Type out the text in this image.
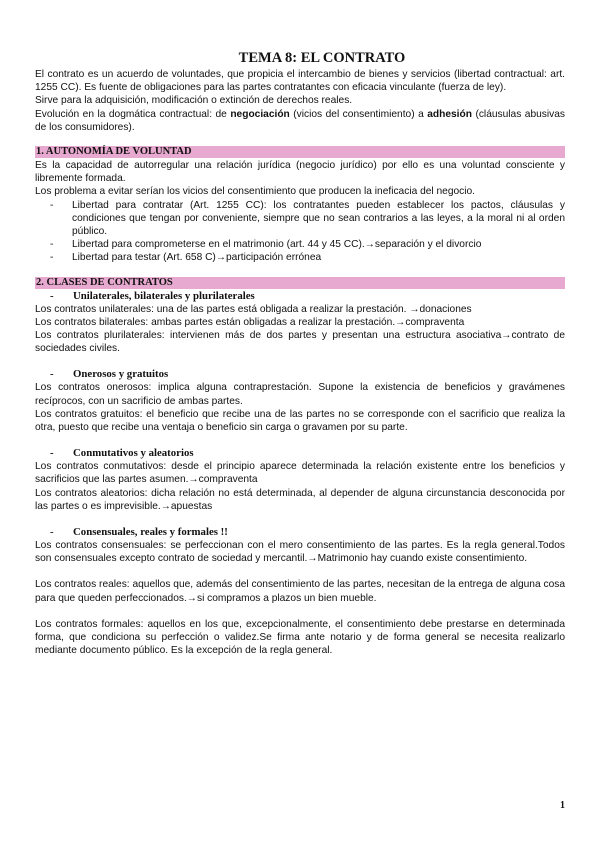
TEMA 8: EL CONTRATO

El contrato es un acuerdo de voluntades, que propicia el intercambio de bienes y servicios (libertad contractual: art. 1255 CC). Es fuente de obligaciones para las partes contratantes con eficacia vinculante (fuerza de ley).

Sirve para la adquisición, modificación o extinción de derechos reales.

Evolución en la dogmática contractual: de negociación (vicios del consentimiento) a adhesión (cláusulas abusivas de los consumidores).

1. AUTONOMÍA DE VOLUNTAD

Es la capacidad de autorregular una relación jurídica (negocio jurídico) por ello es una voluntad consciente y libremente formada.

Los problema a evitar serían los vicios del consentimiento que producen la ineficacia del negocio.

- Libertad para contratar (Art. 1255 CC): los contratantes pueden establecer los pactos, cláusulas y condiciones que tengan por conveniente, siempre que no sean contrarios a las leyes, a la moral ni al orden público.
- Libertad para comprometerse en el matrimonio (art. 44 y 45 CC).→separación y el divorcio
- Libertad para testar (Art. 658 C)→participación errónea
2. CLASES DE CONTRATOS
- Unilaterales, bilaterales y plurilaterales

Los contratos unilaterales: una de las partes está obligada a realizar la prestación. →donaciones

Los contratos bilaterales: ambas partes están obligadas a realizar la prestación.→compraventa

Los contratos plurilaterales: intervienen más de dos partes y presentan una estructura asociativa→contrato de sociedades civiles.

- Onerosos y gratuitos

Los contratos onerosos: implica alguna contraprestación. Supone la existencia de beneficios y gravámenes recíprocos, con un sacrificio de ambas partes.

Los contratos gratuitos: el beneficio que recibe una de las partes no se corresponde con el sacrificio que realiza la otra, puesto que recibe una ventaja o beneficio sin carga o gravamen por su parte.

- Conmutativos y aleatorios

Los contratos conmutativos: desde el principio aparece determinada la relación existente entre los beneficios y sacrificios que las partes asumen.→compraventa

Los contratos aleatorios: dicha relación no está determinada, al depender de alguna circunstancia desconocida por las partes o es imprevisible.→apuestas

- Consensuales, reales y formales !!

Los contratos consensuales: se perfeccionan con el mero consentimiento de las partes. Es la regla general.Todos son consensuales excepto contrato de sociedad y mercantil.→Matrimonio hay cuando existe consentimiento.

Los contratos reales: aquellos que, además del consentimiento de las partes, necesitan de la entrega de alguna cosa para que queden perfeccionados.→si compramos a plazos un bien mueble.

Los contratos formales: aquellos en los que, excepcionalmente, el consentimiento debe prestarse en determinada forma, que condiciona su perfección o validez.Se firma ante notario y de forma general se necesita realizarlo mediante documento público. Es la excepción de la regla general.

1
